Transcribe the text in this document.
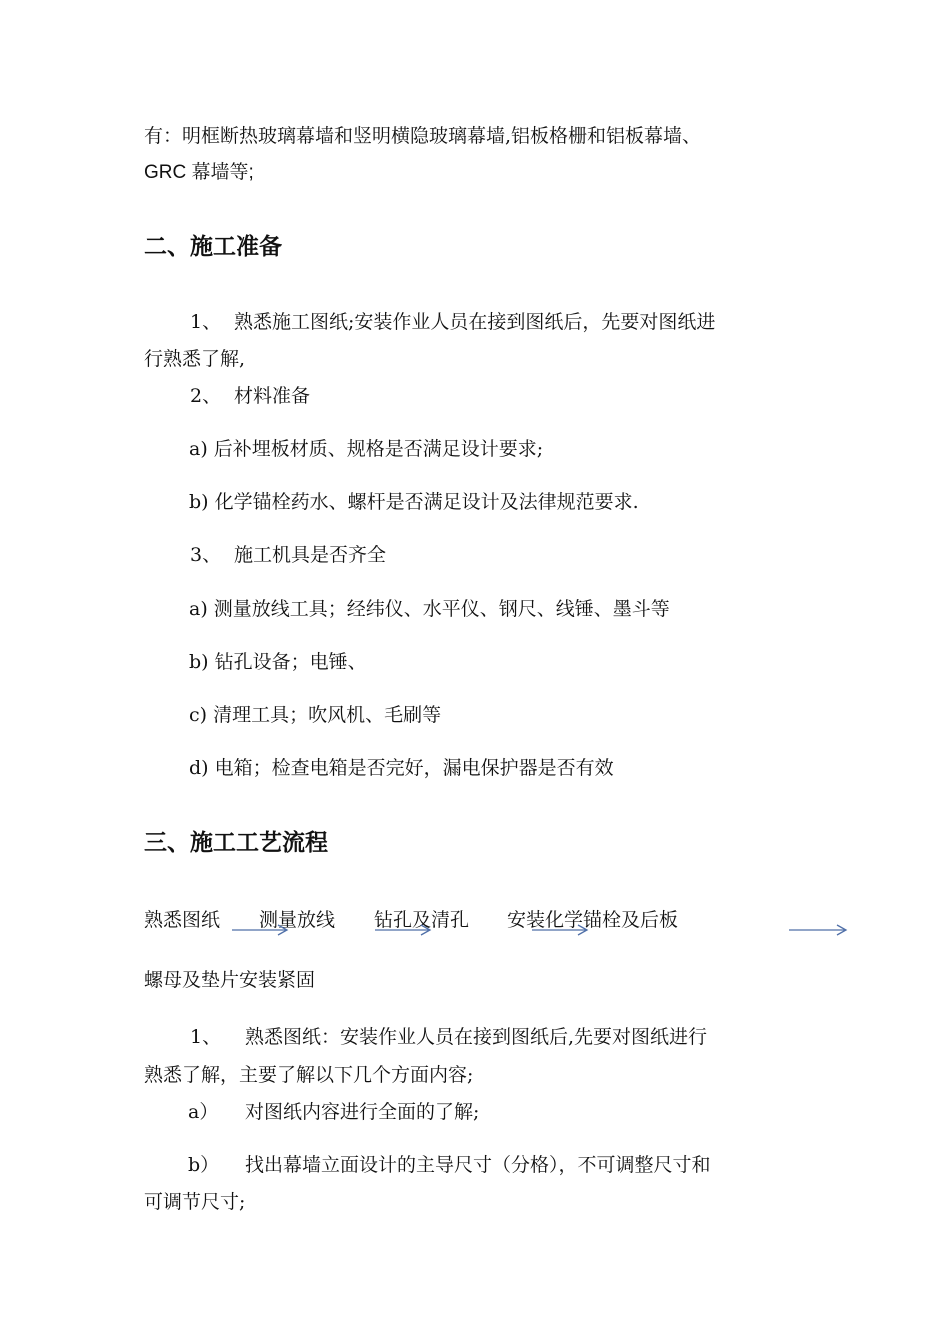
有：明框断热玻璃幕墙和竖明横隐玻璃幕墙,铝板格栅和铝板幕墙、
GRC 幕墙等;
二、施工准备
1、 熟悉施工图纸;安装作业人员在接到图纸后，先要对图纸进
行熟悉了解,
2、 材料准备
a) 后补埋板材质、规格是否满足设计要求;
b) 化学锚栓药水、螺杆是否满足设计及法律规范要求.
3、 施工机具是否齐全
a) 测量放线工具；经纬仪、水平仪、钢尺、线锤、墨斗等
b) 钻孔设备；电锤、
c) 清理工具；吹风机、毛刷等
d) 电箱；检查电箱是否完好，漏电保护器是否有效
三、施工工艺流程
熟悉图纸 测量放线 钻孔及清孔 安装化学锚栓及后板
螺母及垫片安装紧固
1、 熟悉图纸：安装作业人员在接到图纸后,先要对图纸进行
熟悉了解，主要了解以下几个方面内容;
a） 对图纸内容进行全面的了解;
b） 找出幕墙立面设计的主导尺寸（分格），不可调整尺寸和
可调节尺寸;
